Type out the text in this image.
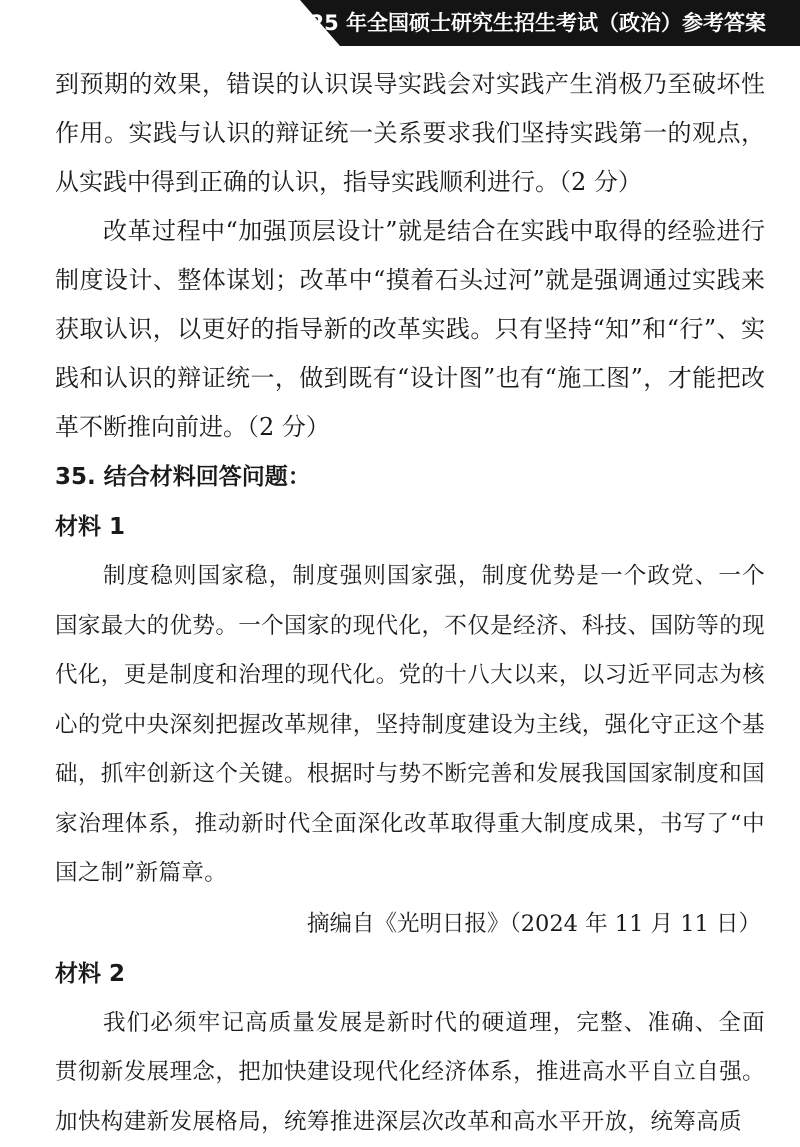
2025 年全国硕士研究生招生考试（政治）参考答案

到预期的效果，错误的认识误导实践会对实践产生消极乃至破坏性作用。实践与认识的辩证统一关系要求我们坚持实践第一的观点，从实践中得到正确的认识，指导实践顺利进行。（2 分）

改革过程中“加强顶层设计”就是结合在实践中取得的经验进行制度设计、整体谋划；改革中“摸着石头过河”就是强调通过实践来获取认识，以更好的指导新的改革实践。只有坚持“知”和“行”、实践和认识的辩证统一，做到既有“设计图”也有“施工图”，才能把改革不断推向前进。（2 分）

35. 结合材料回答问题：

材料 1

制度稳则国家稳，制度强则国家强，制度优势是一个政党、一个国家最大的优势。一个国家的现代化，不仅是经济、科技、国防等的现代化，更是制度和治理的现代化。党的十八大以来，以习近平同志为核心的党中央深刻把握改革规律，坚持制度建设为主线，强化守正这个基础，抓牢创新这个关键。根据时与势不断完善和发展我国国家制度和国家治理体系，推动新时代全面深化改革取得重大制度成果，书写了“中国之制”新篇章。

摘编自《光明日报》（2024 年 11 月 11 日）

材料 2

我们必须牢记高质量发展是新时代的硬道理，完整、准确、全面贯彻新发展理念，把加快建设现代化经济体系，推进高水平自立自强。加快构建新发展格局，统筹推进深层次改革和高水平开放，统筹高质
